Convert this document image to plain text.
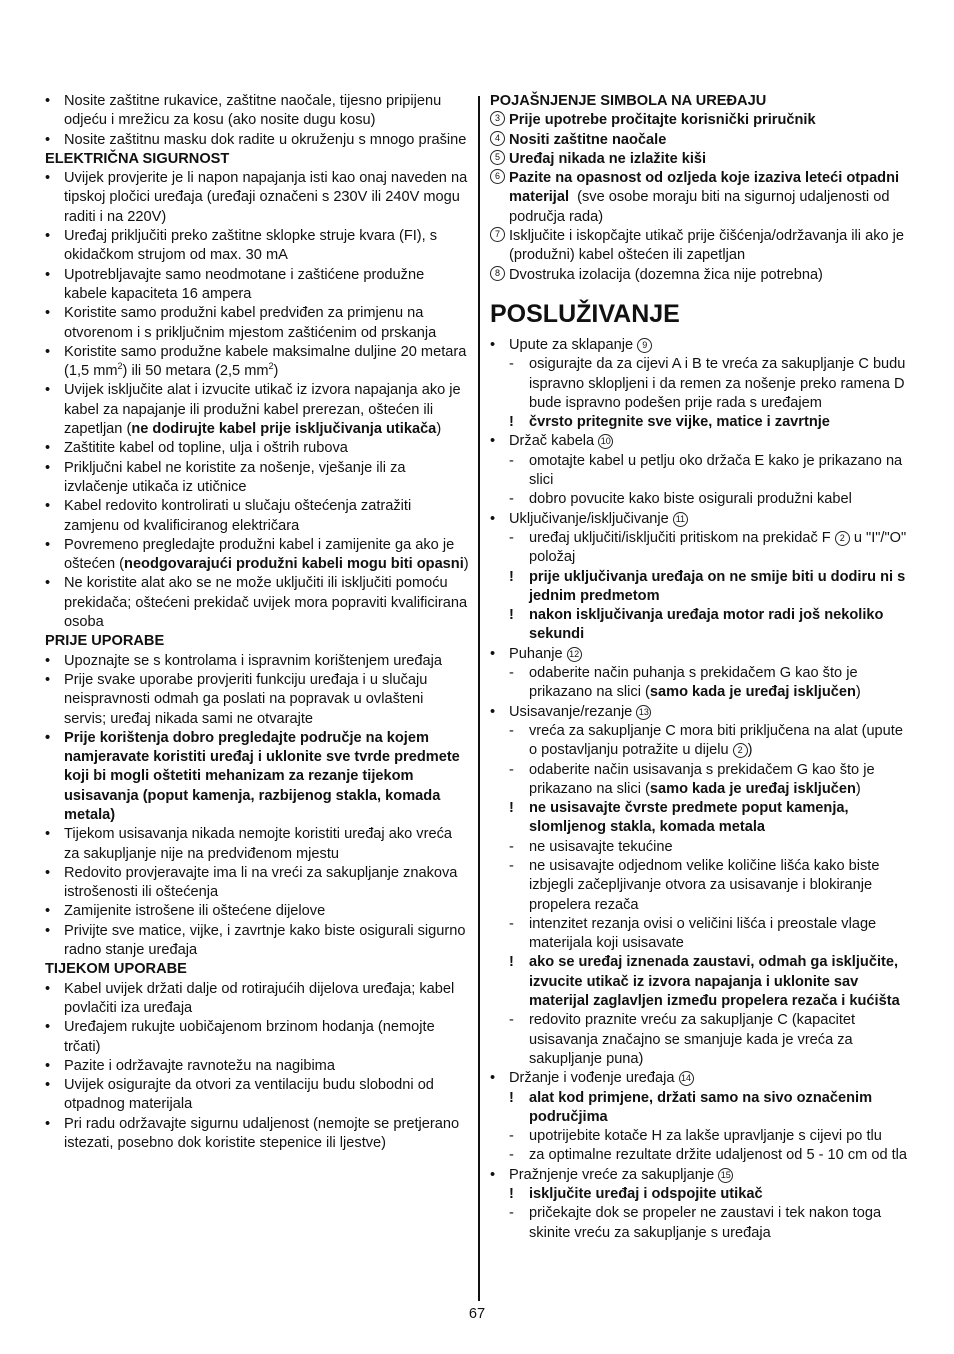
• Nosite zaštitne rukavice, zaštitne naočale, tijesno pripijenu odjeću i mrežicu za kosu (ako nosite dugu kosu)
• Nosite zaštitnu masku dok radite u okruženju s mnogo prašine
ELEKTRIČNA SIGURNOST
• Uvijek provjerite je li napon napajanja isti kao onaj naveden na tipskoj pločici uređaja (uređaji označeni s 230V ili 240V mogu raditi i na 220V)
• Uređaj priključiti preko zaštitne sklopke struje kvara (FI), s okidačkom strujom od max. 30 mA
• Upotrebljavajte samo neodmotane i zaštićene produžne kabele kapaciteta 16 ampera
• Koristite samo produžni kabel predviđen za primjenu na otvorenom i s priključnim mjestom zaštićenim od prskanja
• Koristite samo produžne kabele maksimalne duljine 20 metara (1,5 $mm^2$) ili 50 metara (2,5 $mm^2$)
• Uvijek isključite alat i izvucite utikač iz izvora napajanja ako je kabel za napajanje ili produžni kabel prerezan, oštećen ili zapetljan (ne dodirujte kabel prije isključivanja utikača)
• Zaštitite kabel od topline, ulja i oštrih rubova
• Priključni kabel ne koristite za nošenje, vješanje ili za izvlačenje utikača iz utičnice
• Kabel redovito kontrolirati u slučaju oštećenja zatražiti zamjenu od kvalificiranog električara
• Povremeno pregledajte produžni kabel i zamijenite ga ako je oštećen (neodgovarajući produžni kabeli mogu biti opasni)
• Ne koristite alat ako se ne može uključiti ili isključiti pomoću prekidača; oštećeni prekidač uvijek mora popraviti kvalificirana osoba
PRIJE UPORABE
• Upoznajte se s kontrolama i ispravnim korištenjem uređaja
• Prije svake uporabe provjeriti funkciju uređaja i u slučaju neispravnosti odmah ga poslati na popravak u ovlašteni servis; uređaj nikada sami ne otvarajte
• Prije korištenja dobro pregledajte područje na kojem namjeravate koristiti uređaj i uklonite sve tvrde predmete koji bi mogli oštetiti mehanizam za rezanje tijekom usisavanja (poput kamenja, razbijenog stakla, komada metala)
• Tijekom usisavanja nikada nemojte koristiti uređaj ako vreća za sakupljanje nije na predviđenom mjestu
• Redovito provjeravajte ima li na vreći za sakupljanje znakova istrošenosti ili oštećenja
• Zamijenite istrošene ili oštećene dijelove
• Privijte sve matice, vijke, i zavrtnje kako biste osigurali sigurno radno stanje uređaja
TIJEKOM UPORABE
• Kabel uvijek držati dalje od rotirajućih dijelova uređaja; kabel povlačiti iza uređaja
• Uređajem rukujte uobičajenom brzinom hodanja (nemojte trčati)
• Pazite i održavajte ravnotežu na nagibima
• Uvijek osigurajte da otvori za ventilaciju budu slobodni od otpadnog materijala
• Pri radu održavajte sigurnu udaljenost (nemojte se pretjerano istezati, posebno dok koristite stepenice ili ljestve)
POJAŠNJENJE SIMBOLA NA UREĐAJU
3 Prije upotrebe pročitajte korisnički priručnik
4 Nositi zaštitne naočale
5 Uređaj nikada ne izlažite kiši
6 Pazite na opasnost od ozljeda koje izaziva leteći otpadni materijal (sve osobe moraju biti na sigurnoj udaljenosti od područja rada)
7 Isključite i iskopčajte utikač prije čišćenja/održavanja ili ako je (produžni) kabel oštećen ili zapetljan
8 Dvostruka izolacija (dozemna žica nije potrebna)
POSLUŽIVANJE
• Upute za sklapanje 9
- osigurajte da za cijevi A i B te vreća za sakupljanje C budu ispravno sklopljeni i da remen za nošenje preko ramena D bude ispravno podešen prije rada s uređajem
! čvrsto pritegnite sve vijke, matice i zavrtnje
• Držač kabela 10
- omotajte kabel u petlju oko držača E kako je prikazano na slici
- dobro povucite kako biste osigurali produžni kabel
• Uključivanje/isključivanje 11
- uređaj uključiti/isključiti pritiskom na prekidač F 2 u "I"/"O" položaj
! prije uključivanja uređaja on ne smije biti u dodiru ni s jednim predmetom
! nakon isključivanja uređaja motor radi još nekoliko sekundi
• Puhanje 12
- odaberite način puhanja s prekidačem G kao što je prikazano na slici (samo kada je uređaj isključen)
• Usisavanje/rezanje 13
- vreća za sakupljanje C mora biti priključena na alat (upute o postavljanju potražite u dijelu 2 )
- odaberite način usisavanja s prekidačem G kao što je prikazano na slici (samo kada je uređaj isključen)
! ne usisavajte čvrste predmete poput kamenja, slomljenog stakla, komada metala
- ne usisavajte tekućine
- ne usisavajte odjednom velike količine lišća kako biste izbjegli začepljivanje otvora za usisavanje i blokiranje propelera rezača
- intenzitet rezanja ovisi o veličini lišća i preostale vlage materijala koji usisavate
! ako se uređaj iznenada zaustavi, odmah ga isključite, izvucite utikač iz izvora napajanja i uklonite sav materijal zaglavljen između propelera rezača i kućišta
- redovito praznite vreću za sakupljanje C (kapacitet usisavanja značajno se smanjuje kada je vreća za sakupljanje puna)
• Držanje i vođenje uređaja 14
! alat kod primjene, držati samo na sivo označenim područjima
- upotrijebite kotače H za lakše upravljanje s cijevi po tlu
- za optimalne rezultate držite udaljenost od 5 - 10 cm od tla
• Pražnjenje vreće za sakupljanje 15
! isključite uređaj i odspojite utikač
- pričekajte dok se propeler ne zaustavi i tek nakon toga skinite vreću za sakupljanje s uređaja
67
